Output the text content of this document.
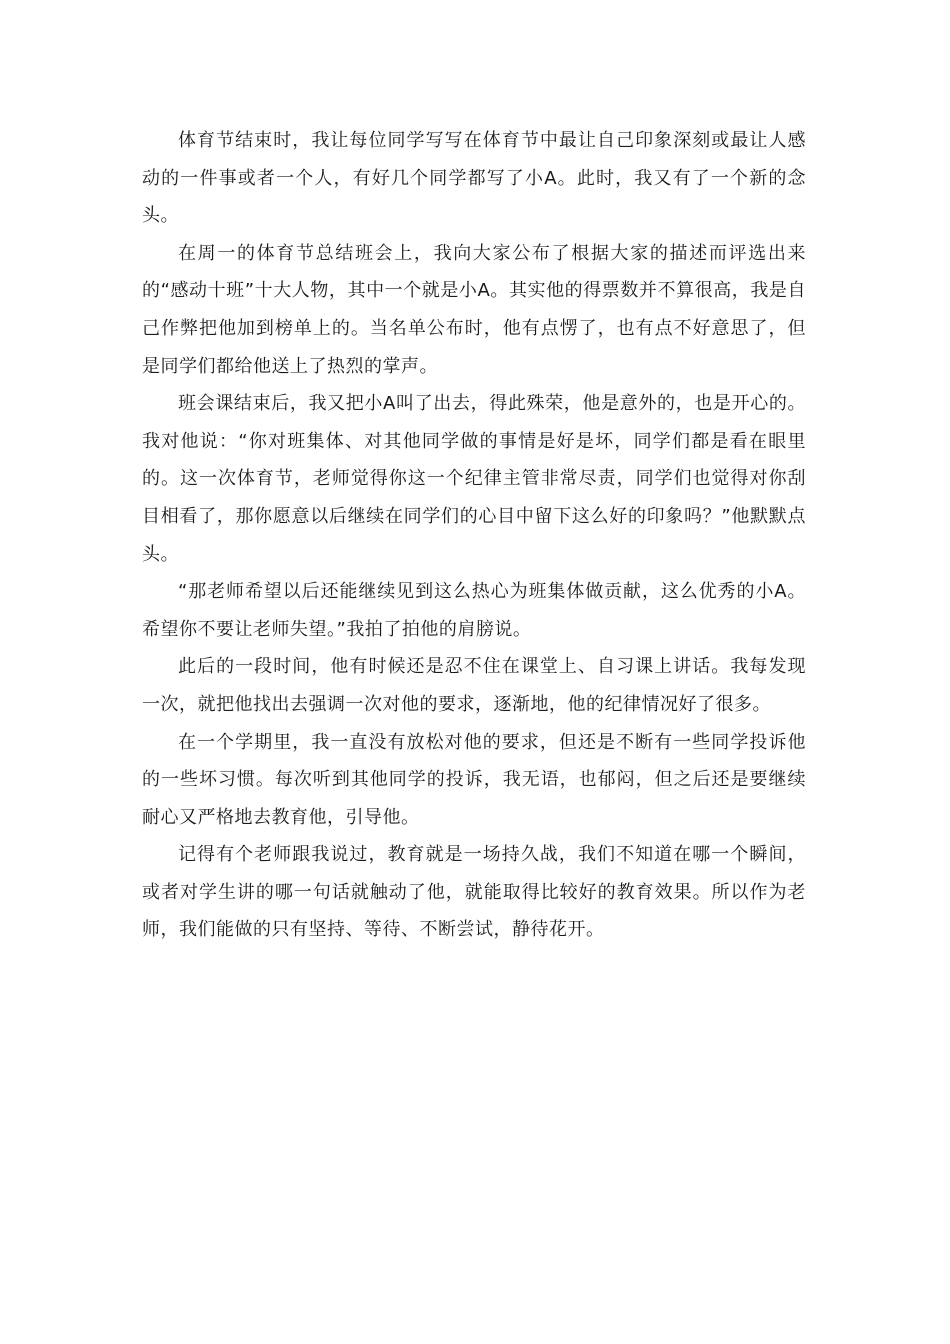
体育节结束时，我让每位同学写写在体育节中最让自己印象深刻或最让人感动的一件事或者一个人，有好几个同学都写了小A。此时，我又有了一个新的念头。

在周一的体育节总结班会上，我向大家公布了根据大家的描述而评选出来的“感动十班”十大人物，其中一个就是小A。其实他的得票数并不算很高，我是自己作弊把他加到榜单上的。当名单公布时，他有点愣了，也有点不好意思了，但是同学们都给他送上了热烈的掌声。

班会课结束后，我又把小A叫了出去，得此殊荣，他是意外的，也是开心的。我对他说：“你对班集体、对其他同学做的事情是好是坏，同学们都是看在眼里的。这一次体育节，老师觉得你这一个纪律主管非常尽责，同学们也觉得对你刮目相看了，那你愿意以后继续在同学们的心目中留下这么好的印象吗？”他默默点头。

“那老师希望以后还能继续见到这么热心为班集体做贡献，这么优秀的小A。希望你不要让老师失望。”我拍了拍他的肩膀说。

此后的一段时间，他有时候还是忍不住在课堂上、自习课上讲话。我每发现一次，就把他找出去强调一次对他的要求，逐渐地，他的纪律情况好了很多。

在一个学期里，我一直没有放松对他的要求，但还是不断有一些同学投诉他的一些坏习惯。每次听到其他同学的投诉，我无语，也郁闷，但之后还是要继续耐心又严格地去教育他，引导他。

记得有个老师跟我说过，教育就是一场持久战，我们不知道在哪一个瞬间，或者对学生讲的哪一句话就触动了他，就能取得比较好的教育效果。所以作为老师，我们能做的只有坚持、等待、不断尝试，静待花开。
